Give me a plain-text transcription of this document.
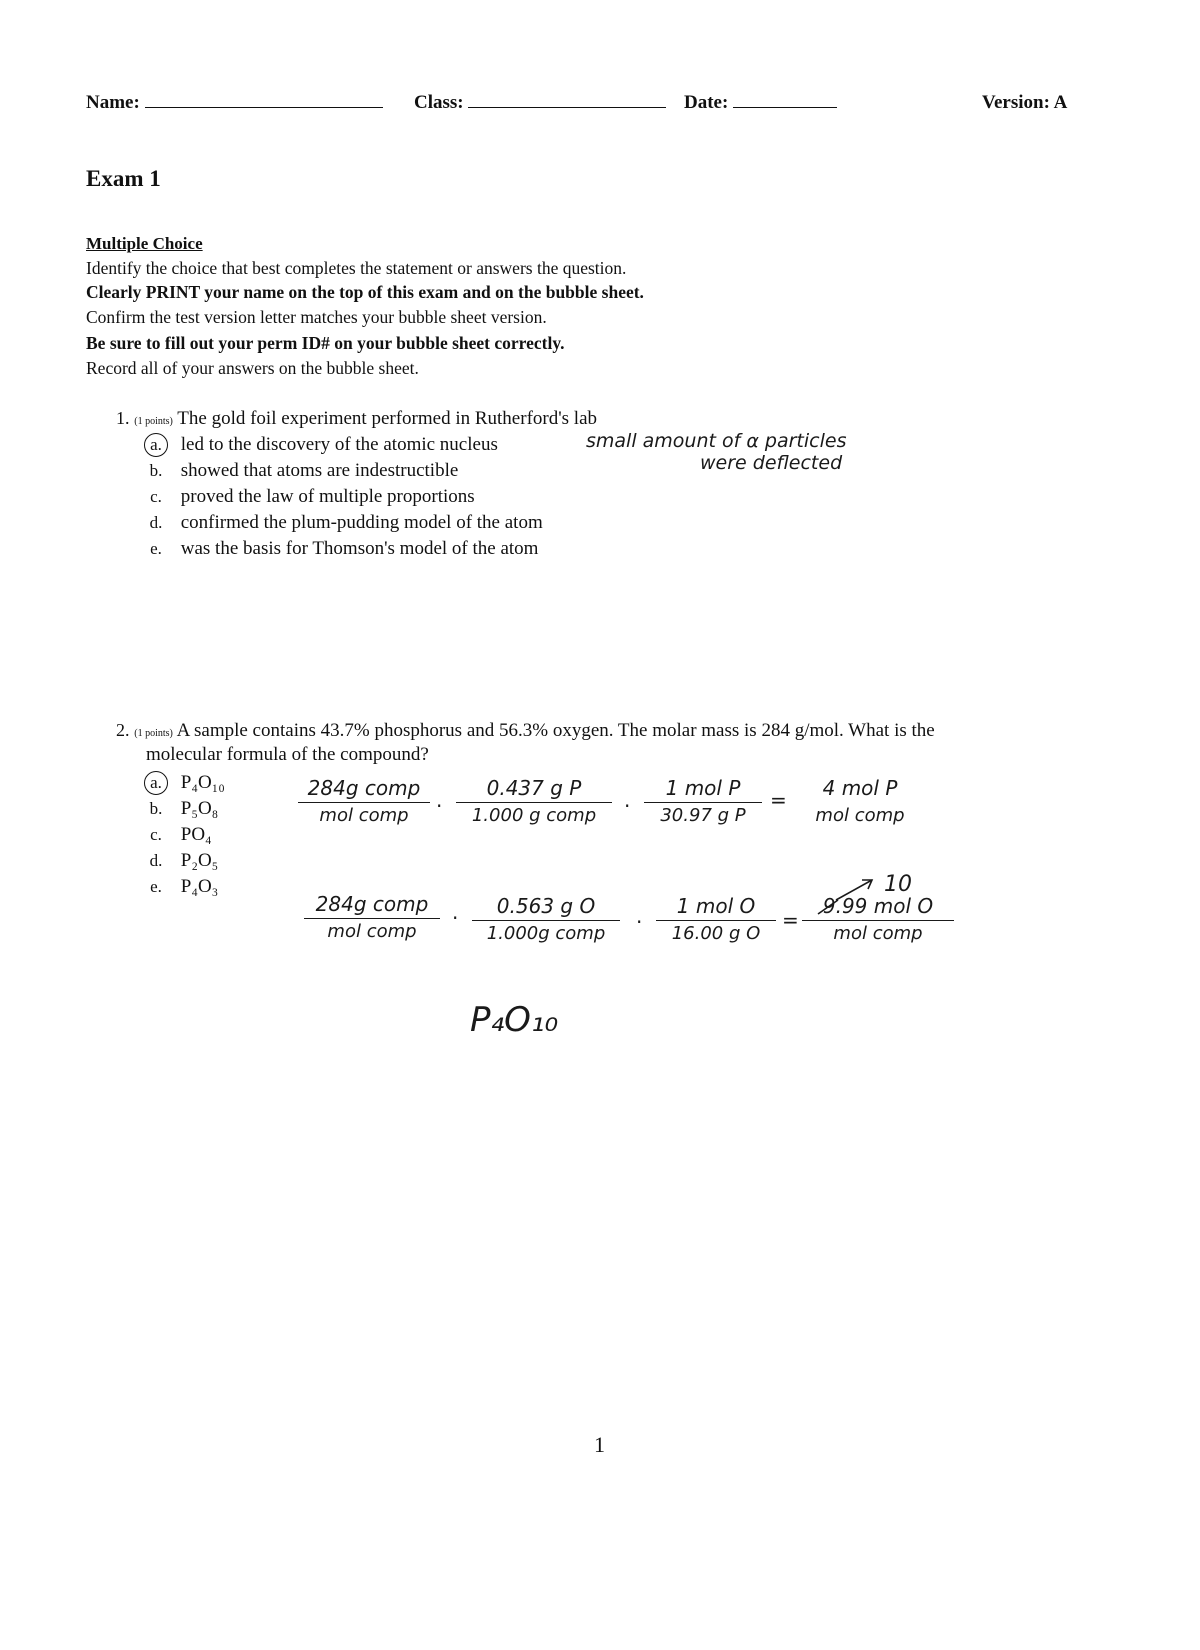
Name:	Class:	Date:	Version: A
Exam 1
Multiple Choice
Identify the choice that best completes the statement or answers the question.
Clearly PRINT your name on the top of this exam and on the bubble sheet.
Confirm the test version letter matches your bubble sheet version.
Be sure to fill out your perm ID# on your bubble sheet correctly.
Record all of your answers on the bubble sheet.
1. (1 points) The gold foil experiment performed in Rutherford's lab
a. led to the discovery of the atomic nucleus
b. showed that atoms are indestructible
c. proved the law of multiple proportions
d. confirmed the plum-pudding model of the atom
e. was the basis for Thomson's model of the atom
small amount of α particles
were deflected
2. (1 points) A sample contains 43.7% phosphorus and 56.3% oxygen. The molar mass is 284 g/mol. What is the
molecular formula of the compound?
a. P₄O₁₀
b. P₅O₈
c. PO₄
d. P₂O₅
e. P₄O₃
284g comp
mol comp	·
0.437 g P
1.000 g comp	·
1 mol P
30.97 g P
=	4 mol P
mol comp
10
284g comp
mol comp
·	0.563 g O
1.000g comp	·
1 mol O
16.00 g O
=
9.99 mol O
mol comp
P₄O₁₀
1
